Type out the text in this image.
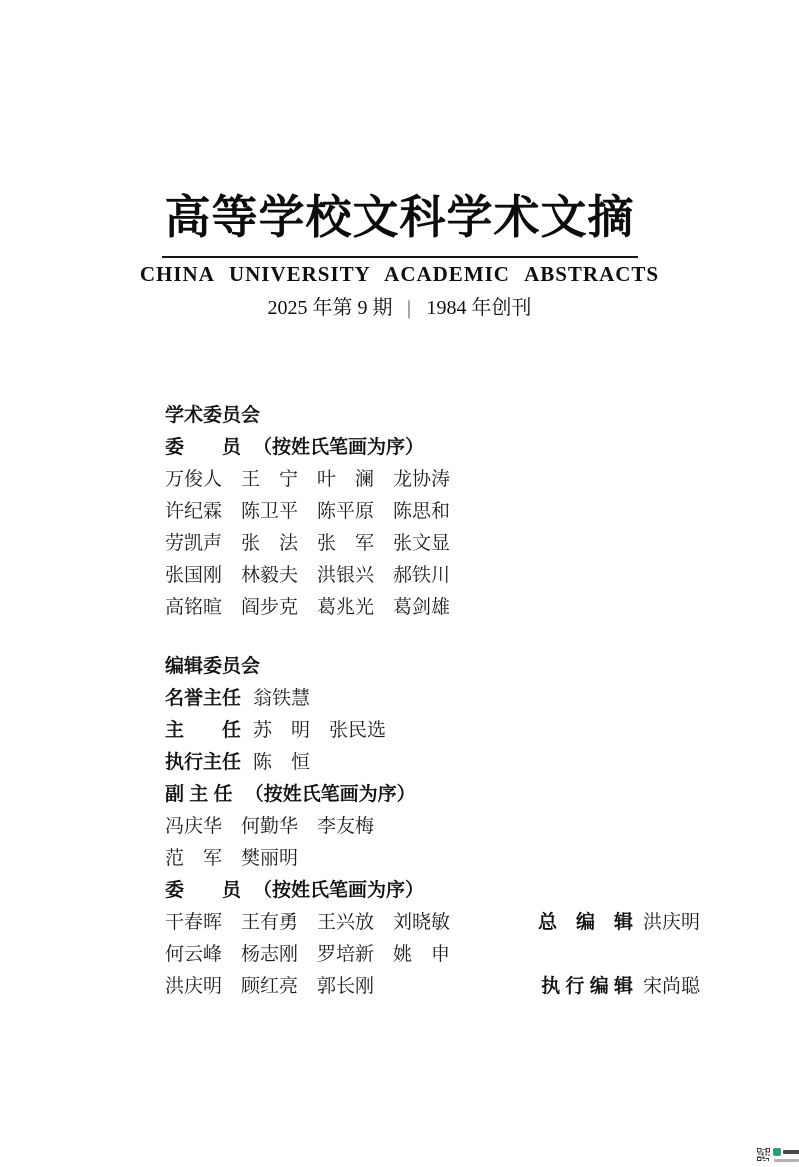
高等学校文科学术文摘
CHINA UNIVERSITY ACADEMIC ABSTRACTS
2025 年第 9 期 | 1984 年创刊
学术委员会
委　　员 （按姓氏笔画为序）
万俊人　王　宁　叶　澜　龙协涛
许纪霖　陈卫平　陈平原　陈思和
劳凯声　张　法　张　军　张文显
张国刚　林毅夫　洪银兴　郝铁川
高铭暄　阎步克　葛兆光　葛剑雄
编辑委员会
名誉主任 翁铁慧
主　　任 苏　明　张民选
执行主任 陈　恒
副 主 任 （按姓氏笔画为序）
冯庆华　何勤华　李友梅
范　军　樊丽明
委　　员 （按姓氏笔画为序）
干春晖　王有勇　王兴放　刘晓敏	总　编　辑 洪庆明
何云峰　杨志刚　罗培新　姚　申
洪庆明　顾红亮　郭长刚	执 行 编 辑 宋尚聪
